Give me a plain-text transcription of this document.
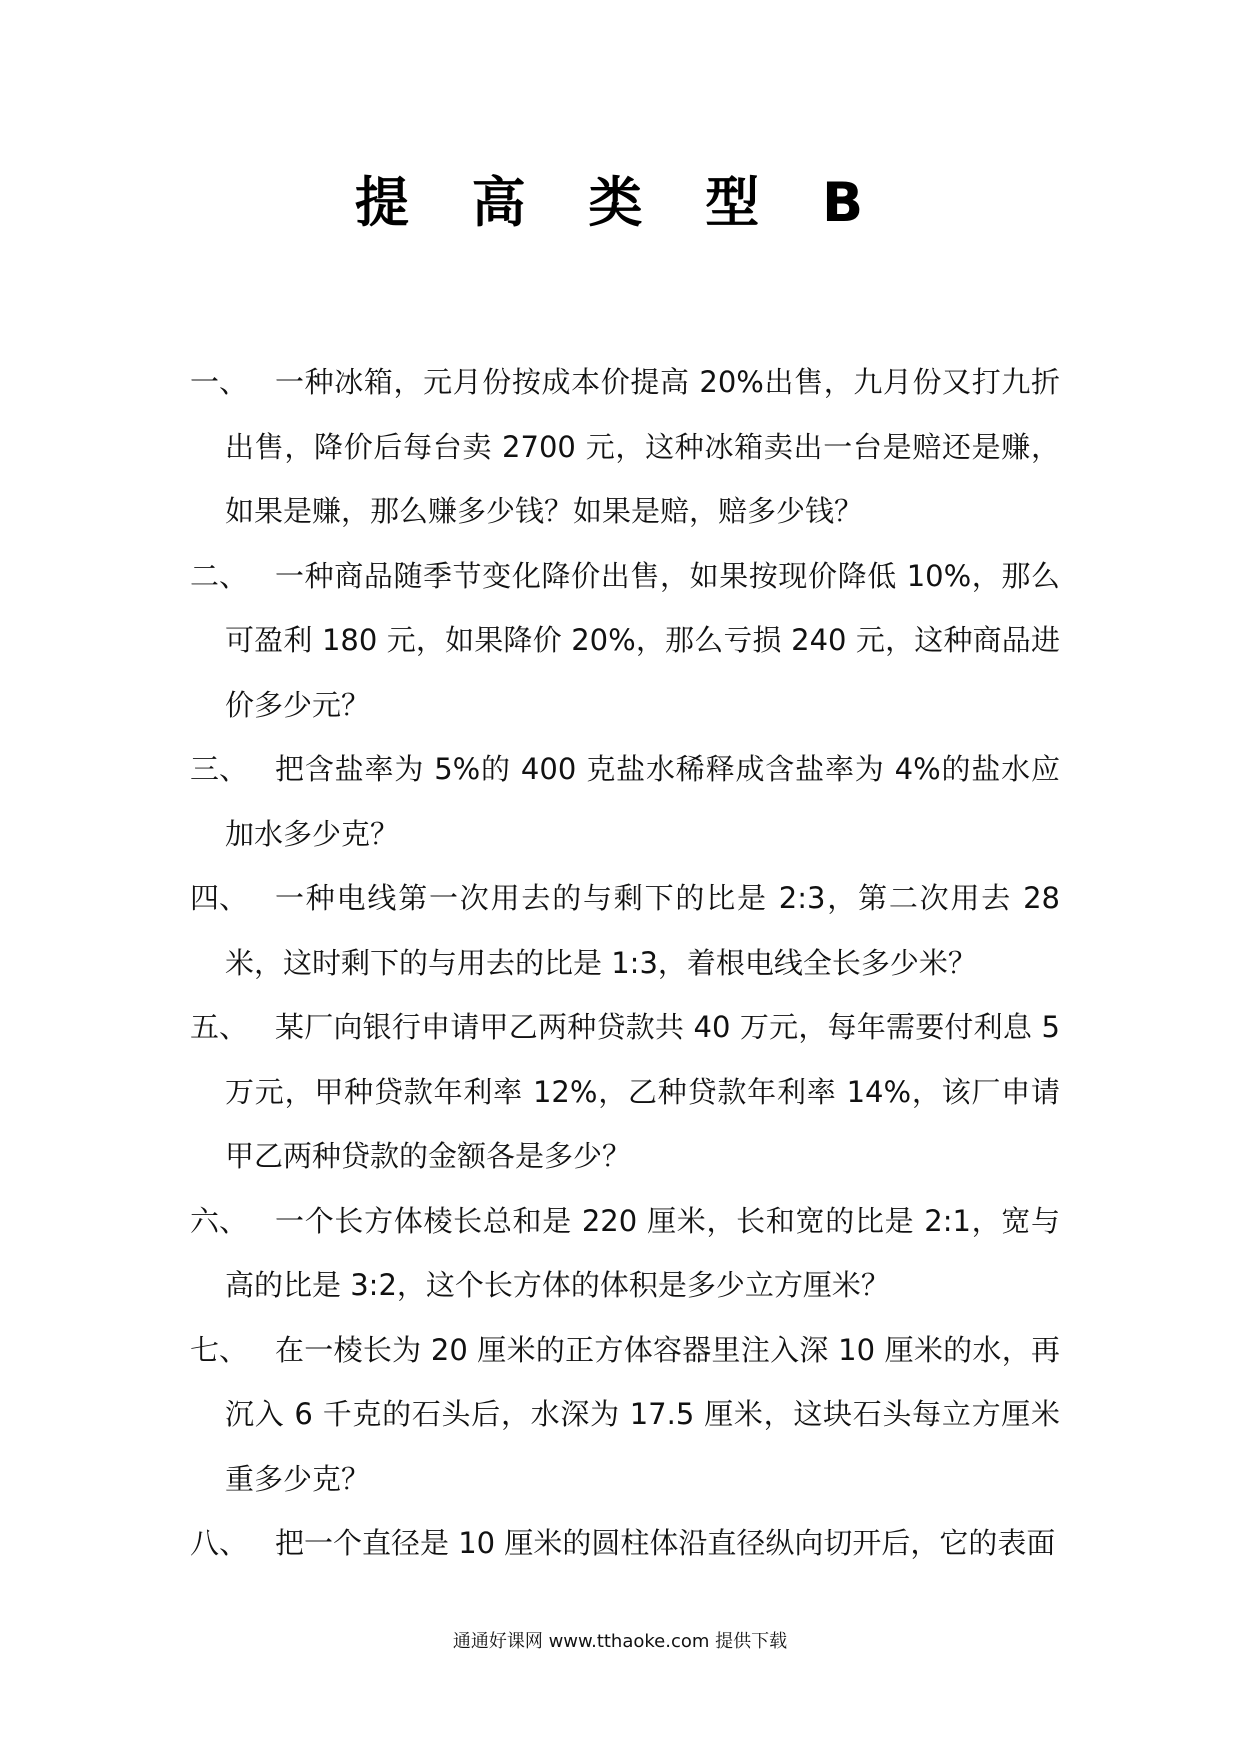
提 高 类 型 B
一、 一种冰箱，元月份按成本价提高 20%出售，九月份又打九折出售，降价后每台卖 2700 元，这种冰箱卖出一台是赔还是赚，如果是赚，那么赚多少钱？如果是赔，赔多少钱？
二、 一种商品随季节变化降价出售，如果按现价降低 10%，那么可盈利 180 元，如果降价 20%，那么亏损 240 元，这种商品进价多少元？
三、 把含盐率为 5%的 400 克盐水稀释成含盐率为 4%的盐水应加水多少克？
四、 一种电线第一次用去的与剩下的比是 2:3，第二次用去 28 米，这时剩下的与用去的比是 1:3，着根电线全长多少米？
五、 某厂向银行申请甲乙两种贷款共 40 万元，每年需要付利息 5 万元，甲种贷款年利率 12%，乙种贷款年利率 14%，该厂申请甲乙两种贷款的金额各是多少？
六、 一个长方体棱长总和是 220 厘米，长和宽的比是 2:1，宽与高的比是 3:2，这个长方体的体积是多少立方厘米？
七、 在一棱长为 20 厘米的正方体容器里注入深 10 厘米的水，再沉入 6 千克的石头后，水深为 17.5 厘米，这块石头每立方厘米重多少克？
八、 把一个直径是 10 厘米的圆柱体沿直径纵向切开后，它的表面
通通好课网 www.tthaoke.com 提供下载
